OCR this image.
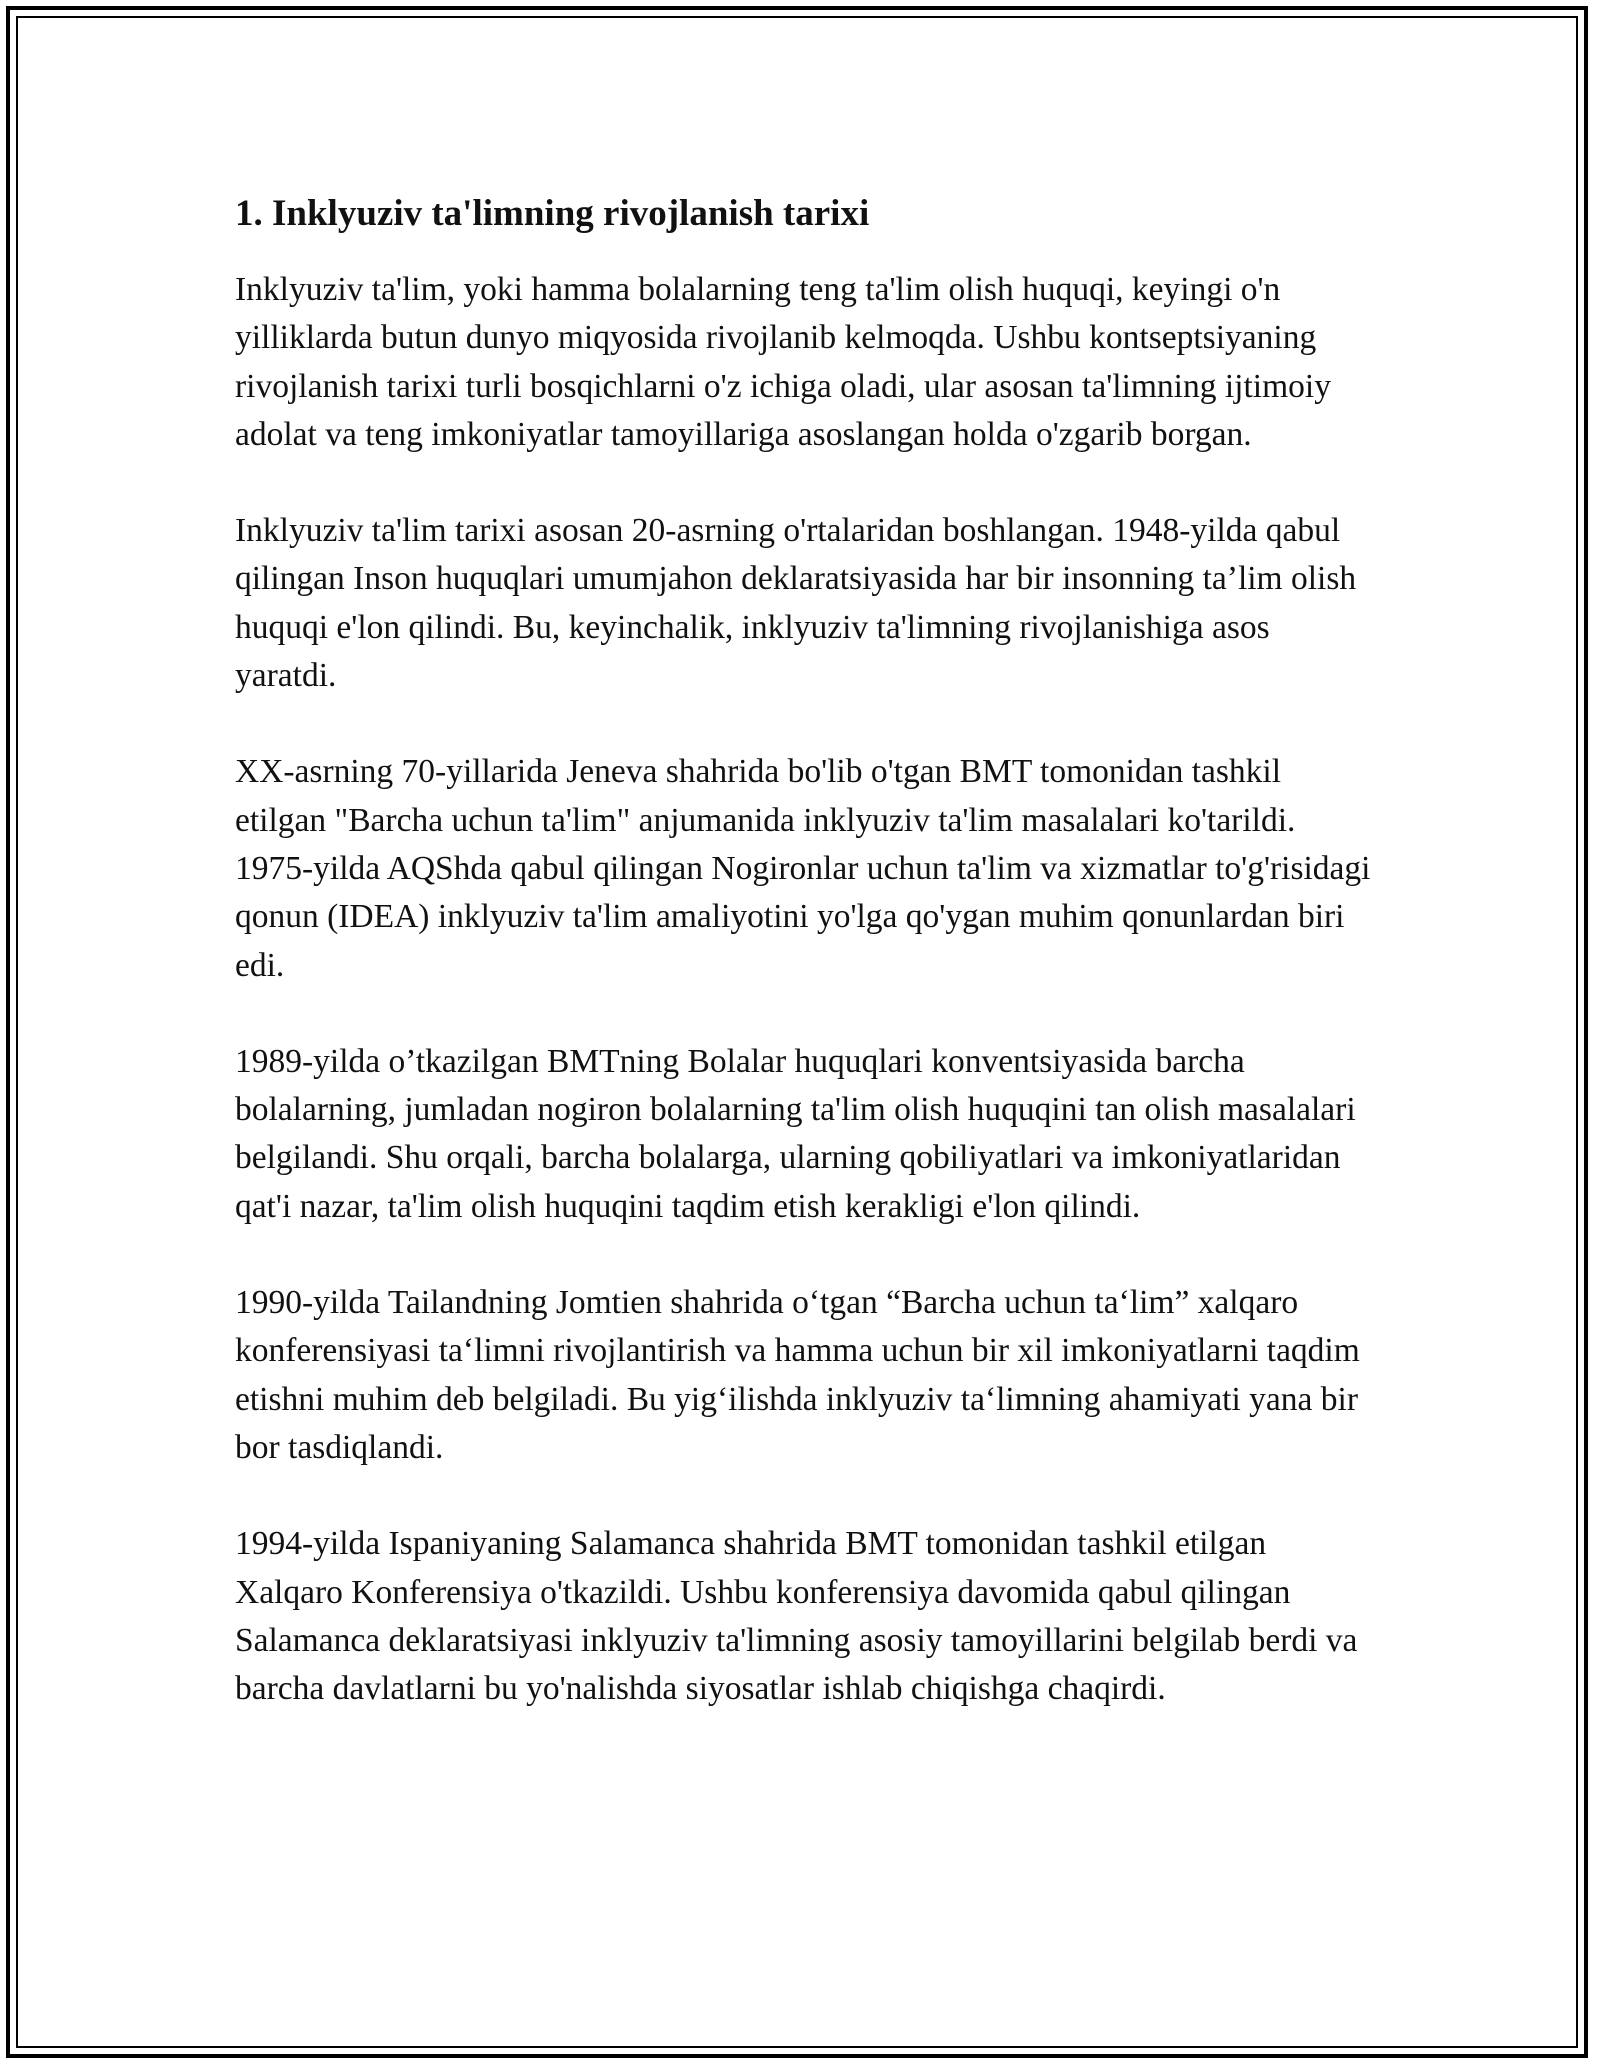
1. Inklyuziv ta'limning rivojlanish tarixi

Inklyuziv ta'lim, yoki hamma bolalarning teng ta'lim olish huquqi, keyingi o'n yilliklarda butun dunyo miqyosida rivojlanib kelmoqda. Ushbu kontseptsiyaning rivojlanish tarixi turli bosqichlarni o'z ichiga oladi, ular asosan ta'limning ijtimoiy adolat va teng imkoniyatlar tamoyillariga asoslangan holda o'zgarib borgan.

Inklyuziv ta'lim tarixi asosan 20-asrning o'rtalaridan boshlangan. 1948-yilda qabul qilingan Inson huquqlari umumjahon deklaratsiyasida har bir insonning ta’lim olish huquqi e'lon qilindi. Bu, keyinchalik, inklyuziv ta'limning rivojlanishiga asos yaratdi.

XX-asrning 70-yillarida Jeneva shahrida bo'lib o'tgan BMT tomonidan tashkil etilgan "Barcha uchun ta'lim" anjumanida inklyuziv ta'lim masalalari ko'tarildi. 1975-yilda AQShda qabul qilingan Nogironlar uchun ta'lim va xizmatlar to'g'risidagi qonun (IDEA) inklyuziv ta'lim amaliyotini yo'lga qo'ygan muhim qonunlardan biri edi.

1989-yilda o’tkazilgan BMTning Bolalar huquqlari konventsiyasida barcha bolalarning, jumladan nogiron bolalarning ta'lim olish huquqini tan olish masalalari belgilandi. Shu orqali, barcha bolalarga, ularning qobiliyatlari va imkoniyatlaridan qat'i nazar, ta'lim olish huquqini taqdim etish kerakligi e'lon qilindi.

1990-yilda Tailandning Jomtien shahrida o‘tgan “Barcha uchun ta‘lim” xalqaro konferensiyasi ta‘limni rivojlantirish va hamma uchun bir xil imkoniyatlarni taqdim etishni muhim deb belgiladi. Bu yig‘ilishda inklyuziv ta‘limning ahamiyati yana bir bor tasdiqlandi.

1994-yilda Ispaniyaning Salamanca shahrida BMT tomonidan tashkil etilgan Xalqaro Konferensiya o'tkazildi. Ushbu konferensiya davomida qabul qilingan Salamanca deklaratsiyasi inklyuziv ta'limning asosiy tamoyillarini belgilab berdi va barcha davlatlarni bu yo'nalishda siyosatlar ishlab chiqishga chaqirdi.
